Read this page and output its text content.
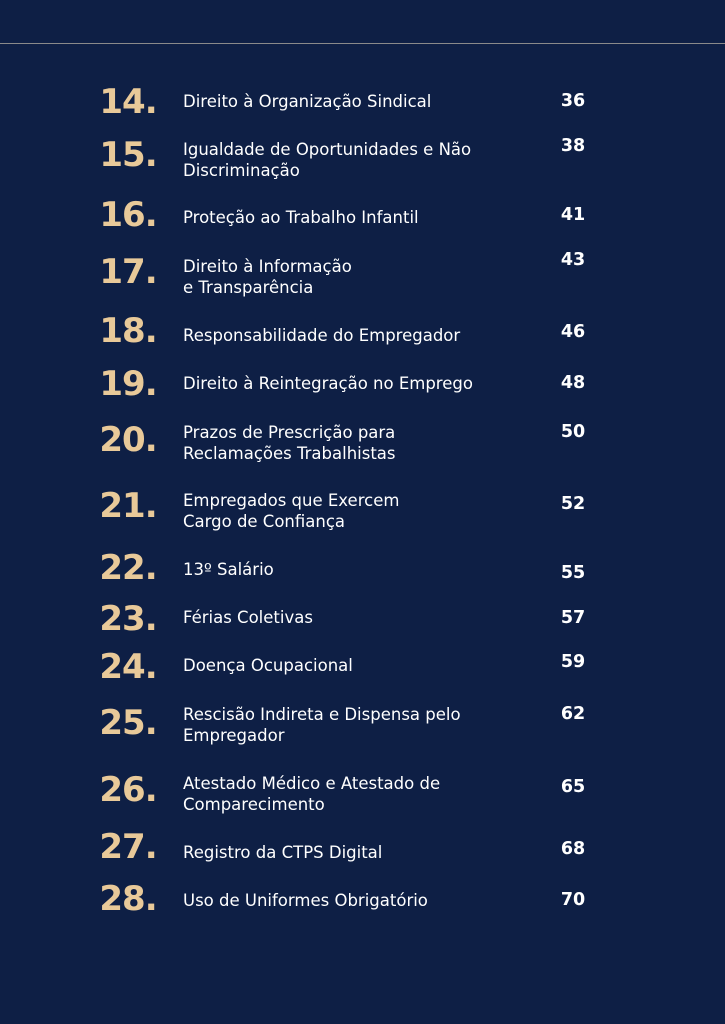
14. Direito à Organização Sindical	36
15. Igualdade de Oportunidades e Não
Discriminação
38
16. Proteção ao Trabalho Infantil	41
17. Direito à Informação
e Transparência
43
18. Responsabilidade do Empregador	46
19. Direito à Reintegração no Emprego	48
20. Prazos de Prescrição para
Reclamações Trabalhistas
50
21. Empregados que Exercem
Cargo de Confiança
52
22. 13º Salário	55
23. Férias Coletivas	57
24. Doença Ocupacional	59
25. Rescisão Indireta e Dispensa pelo
Empregador
62
26. Atestado Médico e Atestado de
Comparecimento
65
27. Registro da CTPS Digital	68
28. Uso de Uniformes Obrigatório	70
